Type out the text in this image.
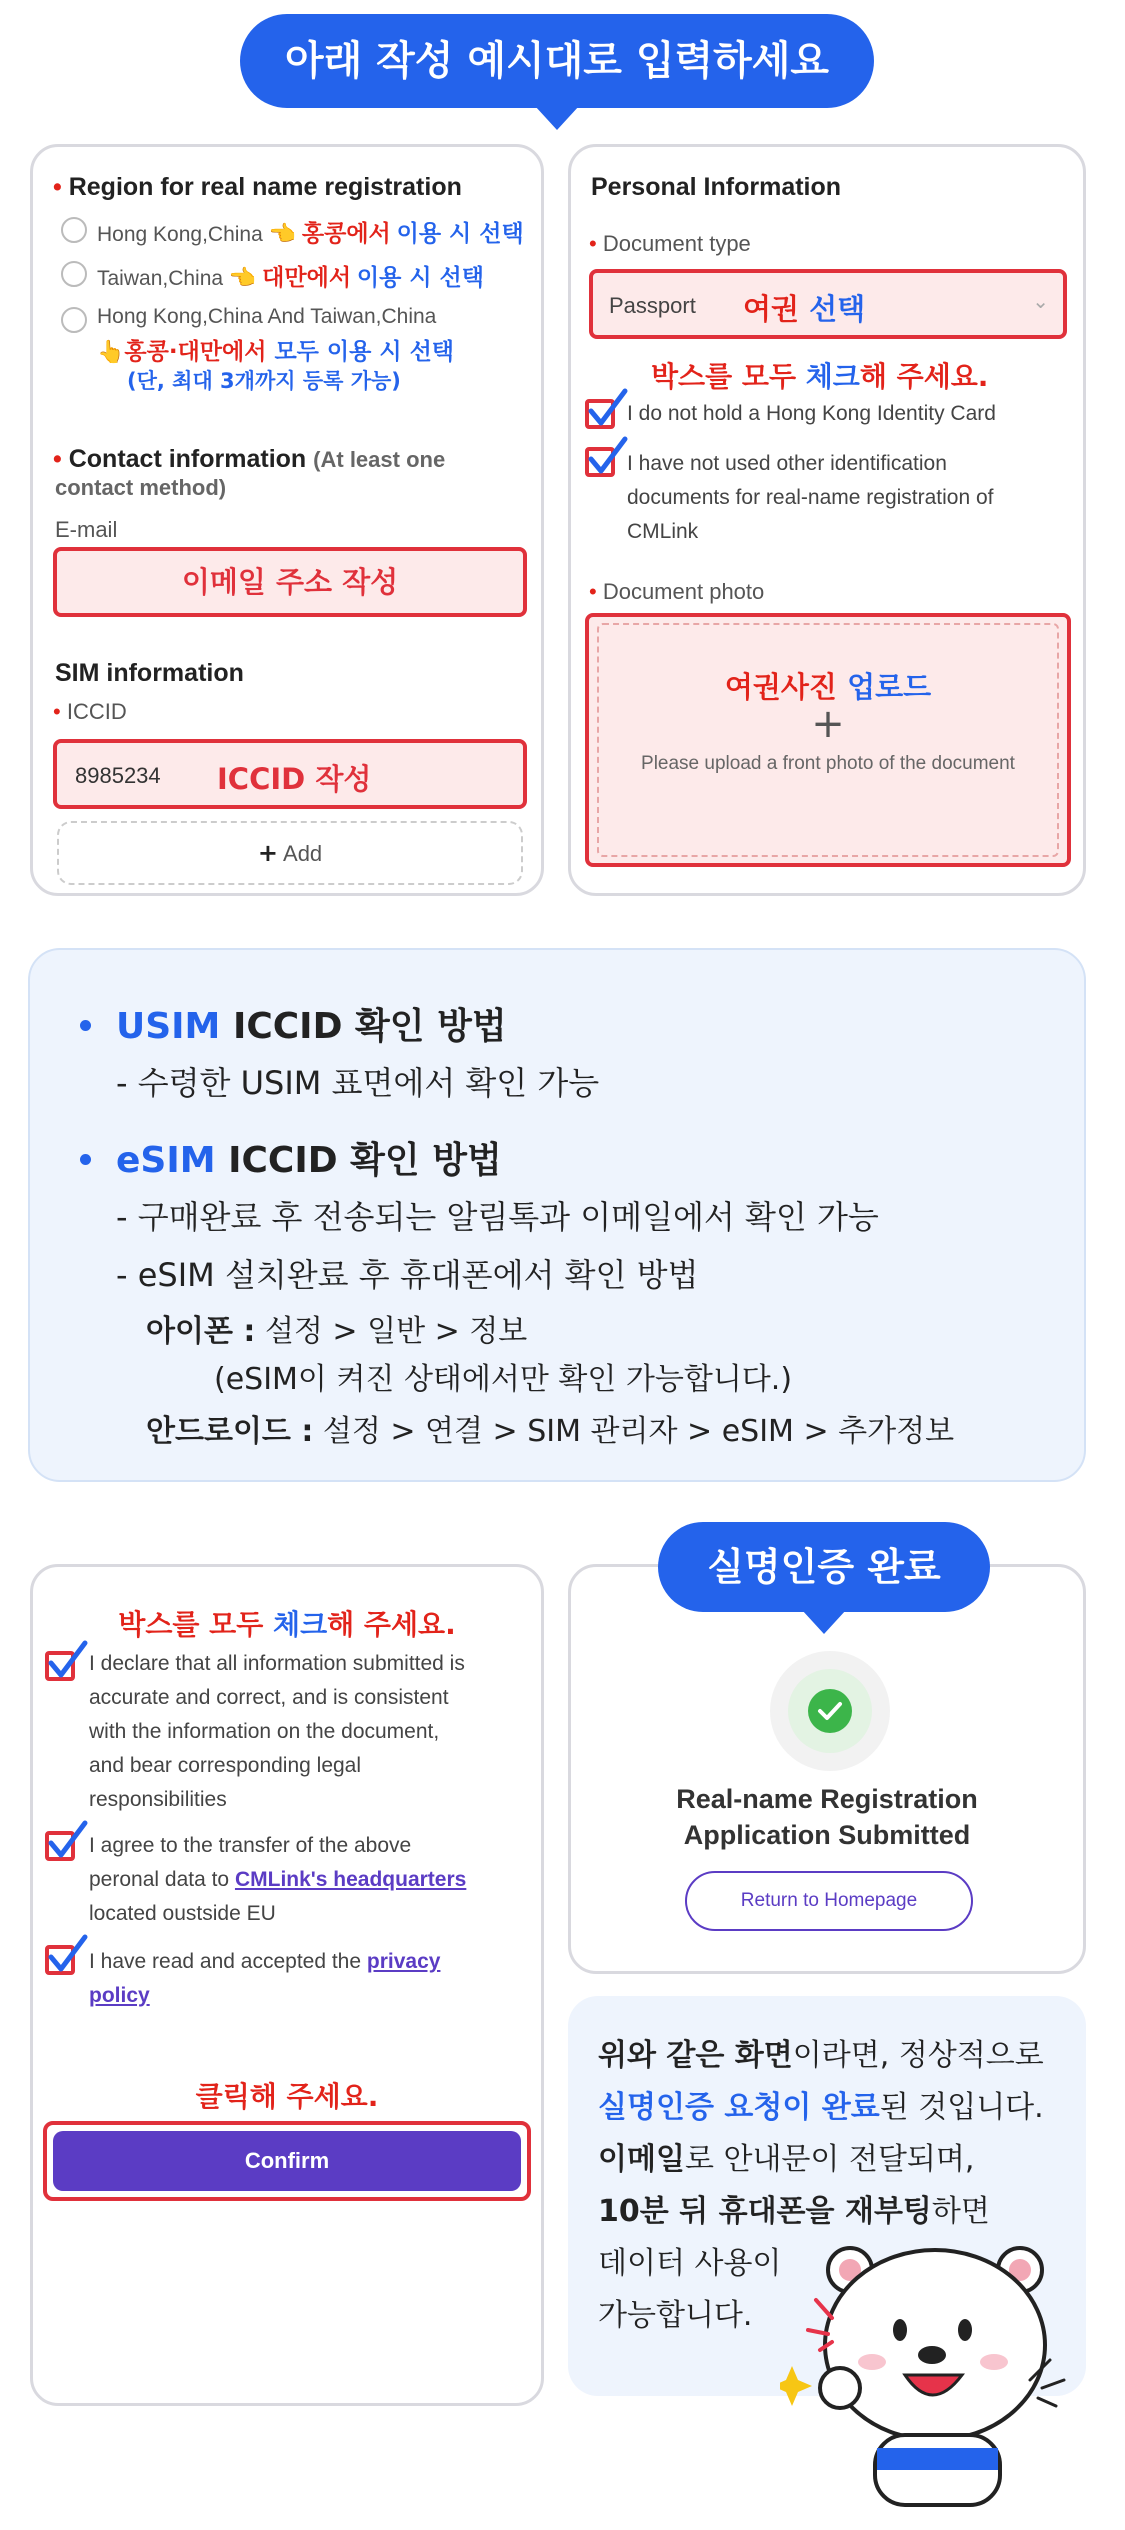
아래 작성 예시대로 입력하세요
• Region for real name registration
Hong Kong,China 👈 홍콩에서 이용 시 선택
Taiwan,China 👈 대만에서 이용 시 선택
Hong Kong,China And Taiwan,China
👆홍콩·대만에서 모두 이용 시 선택
(단, 최대 3개까지 등록 가능)
• Contact information (At least one
contact method)
E-mail
이메일 주소 작성
SIM information
• ICCID
8985234 ICCID 작성
+ Add
Personal Information
• Document type
Passport 여권 선택	⌄
박스를 모두 체크해 주세요.
I do not hold a Hong Kong Identity Card
I have not used other identification
documents for real-name registration of
CMLink
• Document photo
여권사진 업로드
+
Please upload a front photo of the document
USIM ICCID 확인 방법
- 수령한 USIM 표면에서 확인 가능
eSIM ICCID 확인 방법
- 구매완료 후 전송되는 알림톡과 이메일에서 확인 가능
- eSIM 설치완료 후 휴대폰에서 확인 방법
아이폰 : 설정 > 일반 > 정보
(eSIM이 켜진 상태에서만 확인 가능합니다.)
안드로이드 : 설정 > 연결 > SIM 관리자 > eSIM > 추가정보
박스를 모두 체크해 주세요.
I declare that all information submitted is
accurate and correct, and is consistent
with the information on the document,
and bear corresponding legal
responsibilities
I agree to the transfer of the above
peronal data to CMLink's headquarters
located oustside EU
I have read and accepted the privacy
policy
클릭해 주세요.
Confirm
Real-name Registration
Application Submitted
Return to Homepage
실명인증 완료

위와 같은 화면이라면, 정상적으로

실명인증 요청이 완료된 것입니다.

이메일로 안내문이 전달되며,

10분 뒤 휴대폰을 재부팅하면

데이터 사용이

가능합니다.
